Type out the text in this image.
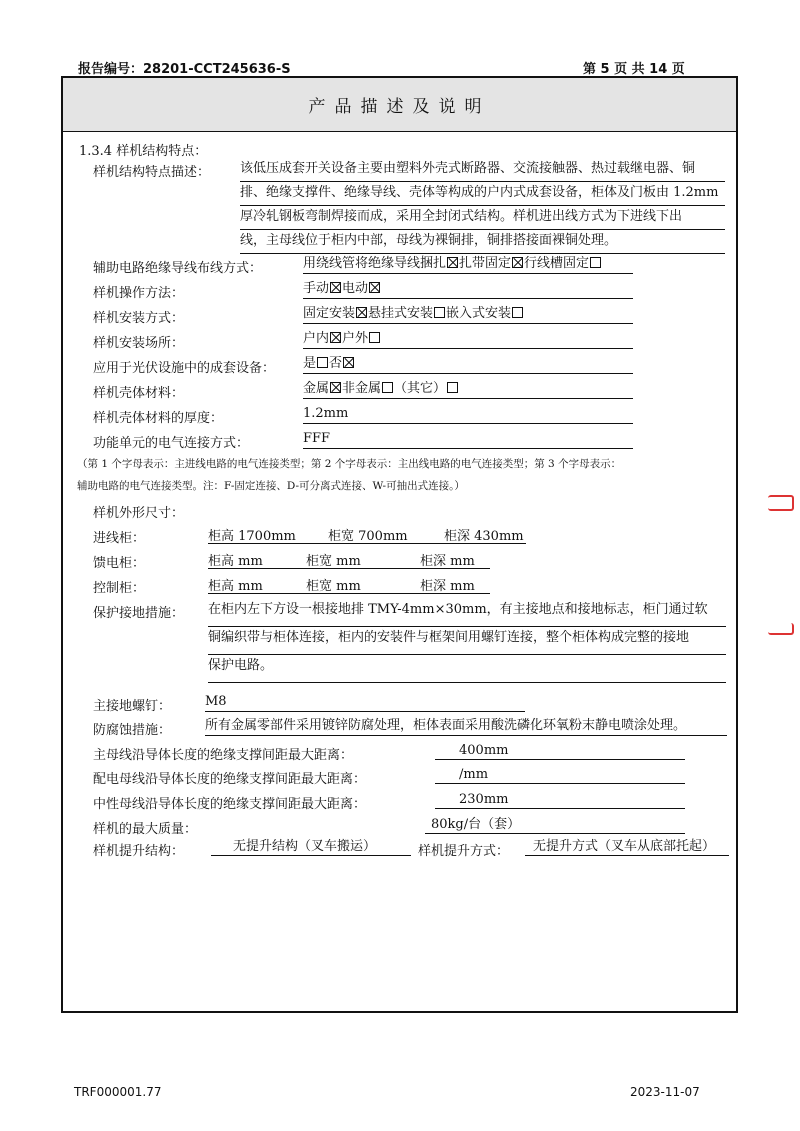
报告编号：28201-CCT245636-S	第 5 页 共 14 页
产品描述及说明
1.3.4 样机结构特点：
样机结构特点描述： 该低压成套开关设备主要由塑料外壳式断路器、交流接触器、热过载继电器、铜
排、绝缘支撑件、绝缘导线、壳体等构成的户内式成套设备，柜体及门板由 1.2mm
厚冷轧钢板弯制焊接而成，采用全封闭式结构。样机进出线方式为下进线下出
线，主母线位于柜内中部，母线为裸铜排，铜排搭接面裸铜处理。
辅助电路绝缘导线布线方式：	用绕线管将绝缘导线捆扎 扎带固定 行线槽固定
样机操作方法：	手动 电动
样机安装方式：	固定安装 悬挂式安装 嵌入式安装
样机安装场所：	户内 户外
应用于光伏设施中的成套设备： 是 否
样机壳体材料：	金属 非金属 （其它）
样机壳体材料的厚度：	1.2mm
功能单元的电气连接方式：	FFF
（第 1 个字母表示：主进线电路的电气连接类型；第 2 个字母表示：主出线电路的电气连接类型；第 3 个字母表示：
辅助电路的电气连接类型。注：F-固定连接、D-可分离式连接、W-可抽出式连接。）
样机外形尺寸：
进线柜：	柜高 1700mm 柜宽 700mm	柜深 430mm
馈电柜：	柜高 mm	柜宽 mm	柜深 mm
控制柜：	柜高 mm	柜宽 mm	柜深 mm
保护接地措施： 在柜内左下方设一根接地排 TMY-4mm×30mm，有主接地点和接地标志，柜门通过软
铜编织带与柜体连接，柜内的安装件与框架间用螺钉连接，整个柜体构成完整的接地
保护电路。
主接地螺钉：	M8
防腐蚀措施：	所有金属零部件采用镀锌防腐处理，柜体表面采用酸洗磷化环氧粉末静电喷涂处理。
主母线沿导体长度的绝缘支撑间距最大距离：	400mm
配电母线沿导体长度的绝缘支撑间距最大距离：	/mm
中性母线沿导体长度的绝缘支撑间距最大距离：	230mm
样机的最大质量：	80kg/台（套）
样机提升结构：	无提升结构（叉车搬运）	样机提升方式：	无提升方式（叉车从底部托起）
TRF000001.77	2023-11-07
